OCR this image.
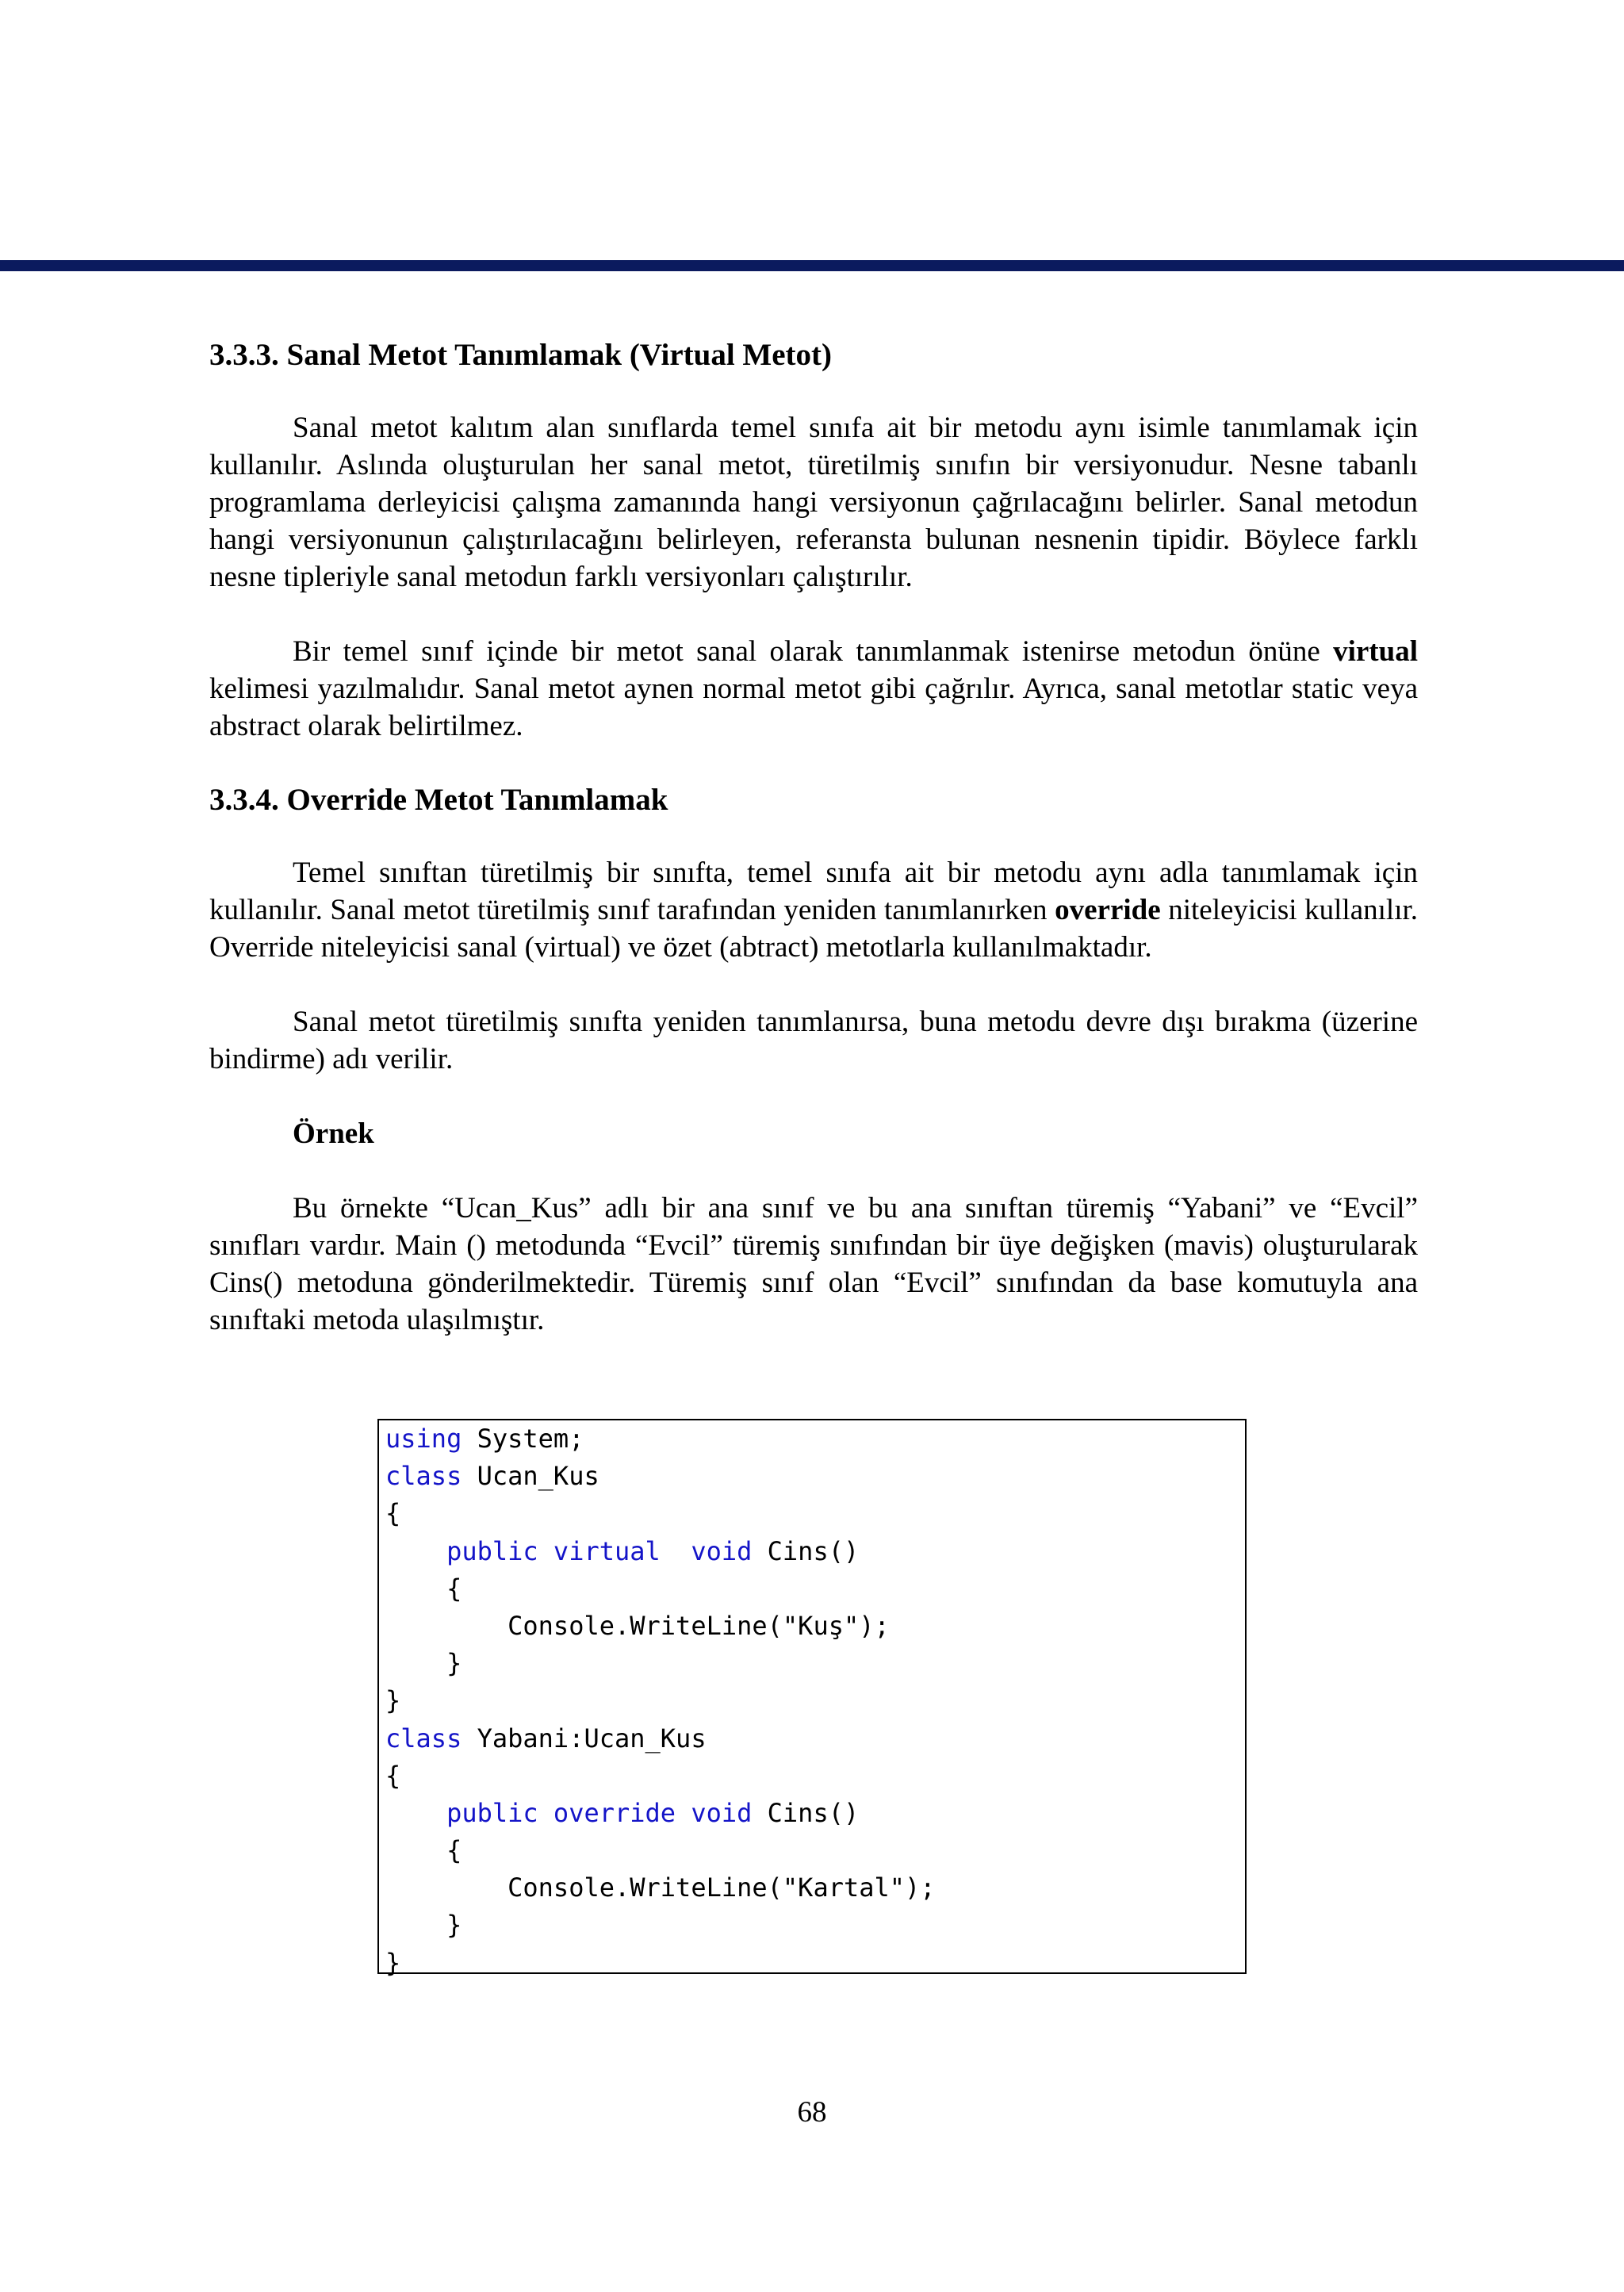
3.3.3. Sanal Metot Tanımlamak (Virtual Metot)

Sanal metot kalıtım alan sınıflarda temel sınıfa ait bir metodu aynı isimle tanımlamak için kullanılır. Aslında oluşturulan her sanal metot, türetilmiş sınıfın bir versiyonudur. Nesne tabanlı programlama derleyicisi çalışma zamanında hangi versiyonun çağrılacağını belirler. Sanal metodun hangi versiyonunun çalıştırılacağını belirleyen, referansta bulunan nesnenin tipidir. Böylece farklı nesne tipleriyle sanal metodun farklı versiyonları çalıştırılır.

Bir temel sınıf içinde bir metot sanal olarak tanımlanmak istenirse metodun önüne virtual kelimesi yazılmalıdır. Sanal metot aynen normal metot gibi çağrılır. Ayrıca, sanal metotlar static veya abstract olarak belirtilmez.

3.3.4. Override Metot Tanımlamak

Temel sınıftan türetilmiş bir sınıfta, temel sınıfa ait bir metodu aynı adla tanımlamak için kullanılır. Sanal metot türetilmiş sınıf tarafından yeniden tanımlanırken override niteleyicisi kullanılır. Override niteleyicisi sanal (virtual) ve özet (abtract) metotlarla kullanılmaktadır.

Sanal metot türetilmiş sınıfta yeniden tanımlanırsa, buna metodu devre dışı bırakma (üzerine bindirme) adı verilir.

Örnek

Bu örnekte “Ucan_Kus” adlı bir ana sınıf ve bu ana sınıftan türemiş “Yabani” ve “Evcil” sınıfları vardır. Main () metodunda “Evcil” türemiş sınıfından bir üye değişken (mavis) oluşturularak Cins() metoduna gönderilmektedir. Türemiş sınıf olan “Evcil” sınıfından da base komutuyla ana sınıftaki metoda ulaşılmıştır.

using System;
class Ucan_Kus
{
public virtual void Cins()
{
Console.WriteLine("Kuş");
}
}
class Yabani:Ucan_Kus
{
public override void Cins()
{
Console.WriteLine("Kartal");
}
}
68
